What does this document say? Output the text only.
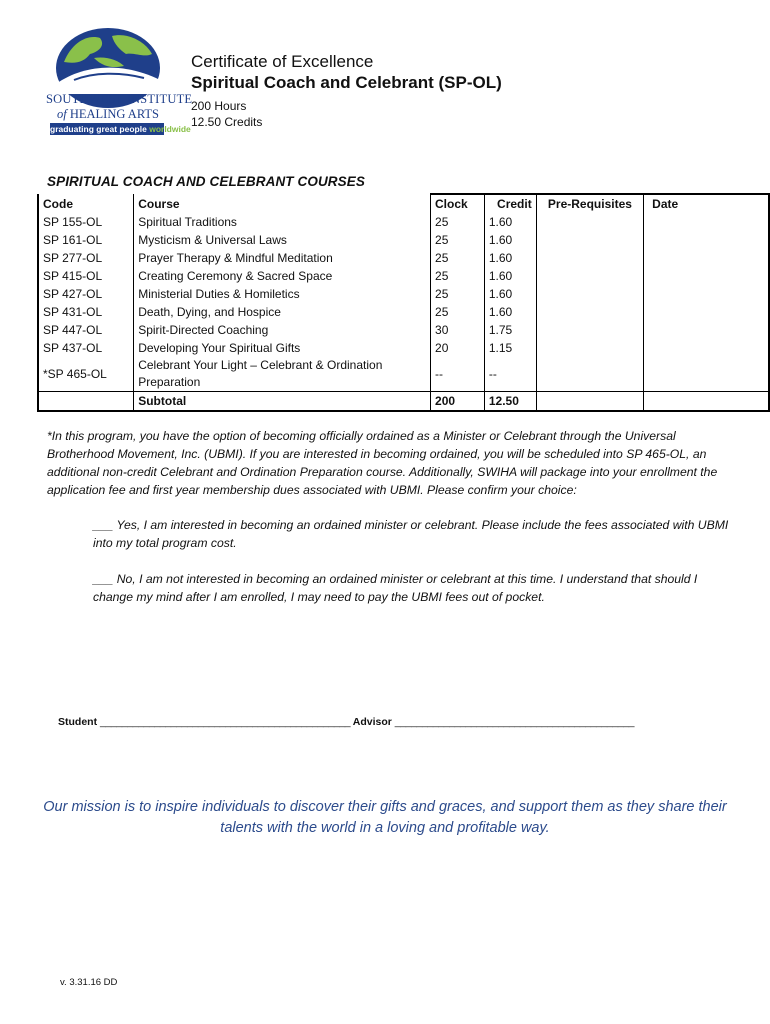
SOUTHWEST INSTITUTE
of HEALING ARTS
graduating great people worldwide
Certificate of Excellence
Spiritual Coach and Celebrant (SP-OL)
200 Hours
12.50 Credits
SPIRITUAL COACH AND CELEBRANT COURSES
Code	Course	Clock	Credit	Pre-Requisites	Date
SP 155-OL	Spiritual Traditions	25	1.60		
SP 161-OL	Mysticism & Universal Laws	25	1.60		
SP 277-OL	Prayer Therapy & Mindful Meditation	25	1.60		
SP 415-OL	Creating Ceremony & Sacred Space	25	1.60		
SP 427-OL	Ministerial Duties & Homiletics	25	1.60		
SP 431-OL	Death, Dying, and Hospice	25	1.60		
SP 447-OL	Spirit-Directed Coaching	30	1.75		
SP 437-OL	Developing Your Spiritual Gifts	20	1.15		
*SP 465-OL	Celebrant Your Light – Celebrant & Ordination Preparation	--	--		
	Subtotal	200	12.50		
*In this program, you have the option of becoming officially ordained as a Minister or Celebrant through the Universal Brotherhood Movement, Inc. (UBMI). If you are interested in becoming ordained, you will be scheduled into SP 465-OL, an additional non-credit Celebrant and Ordination Preparation course. Additionally, SWIHA will package into your enrollment the application fee and first year membership dues associated with UBMI. Please confirm your choice:
___ Yes, I am interested in becoming an ordained minister or celebrant. Please include the fees associated with UBMI into my total program cost.
___ No, I am not interested in becoming an ordained minister or celebrant at this time. I understand that should I change my mind after I am enrolled, I may need to pay the UBMI fees out of pocket.
Student ______________________________________________ Advisor ____________________________________________
Our mission is to inspire individuals to discover their gifts and graces, and support them as they share their talents with the world in a loving and profitable way.
v. 3.31.16 DD
